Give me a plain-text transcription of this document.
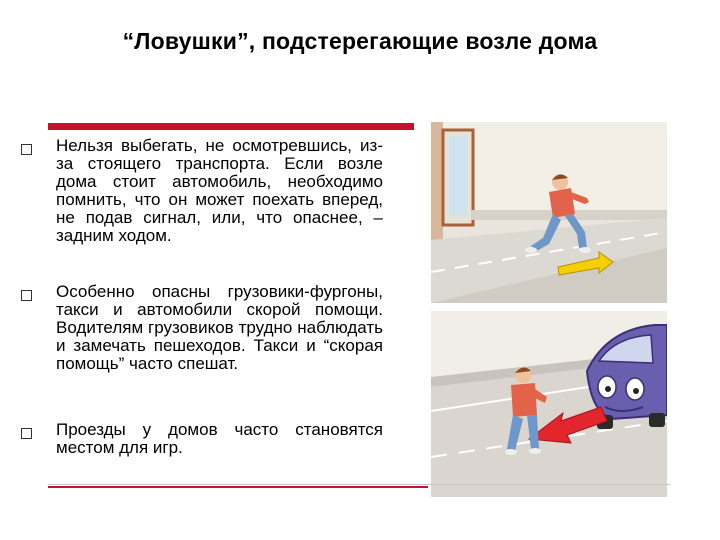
“Ловушки”, подстерегающие возле дома
Нельзя выбегать, не осмотревшись, из-за стоящего транспорта. Если возле дома стоит автомобиль, необходимо помнить, что он может поехать вперед, не подав сигнал, или, что опаснее, – задним ходом.
Особенно опасны грузовики-фургоны, такси и автомобили скорой помощи. Водителям грузовиков трудно наблюдать и замечать пешеходов. Такси и “скорая помощь” часто спешат.
Проезды у домов часто становятся местом для игр.
